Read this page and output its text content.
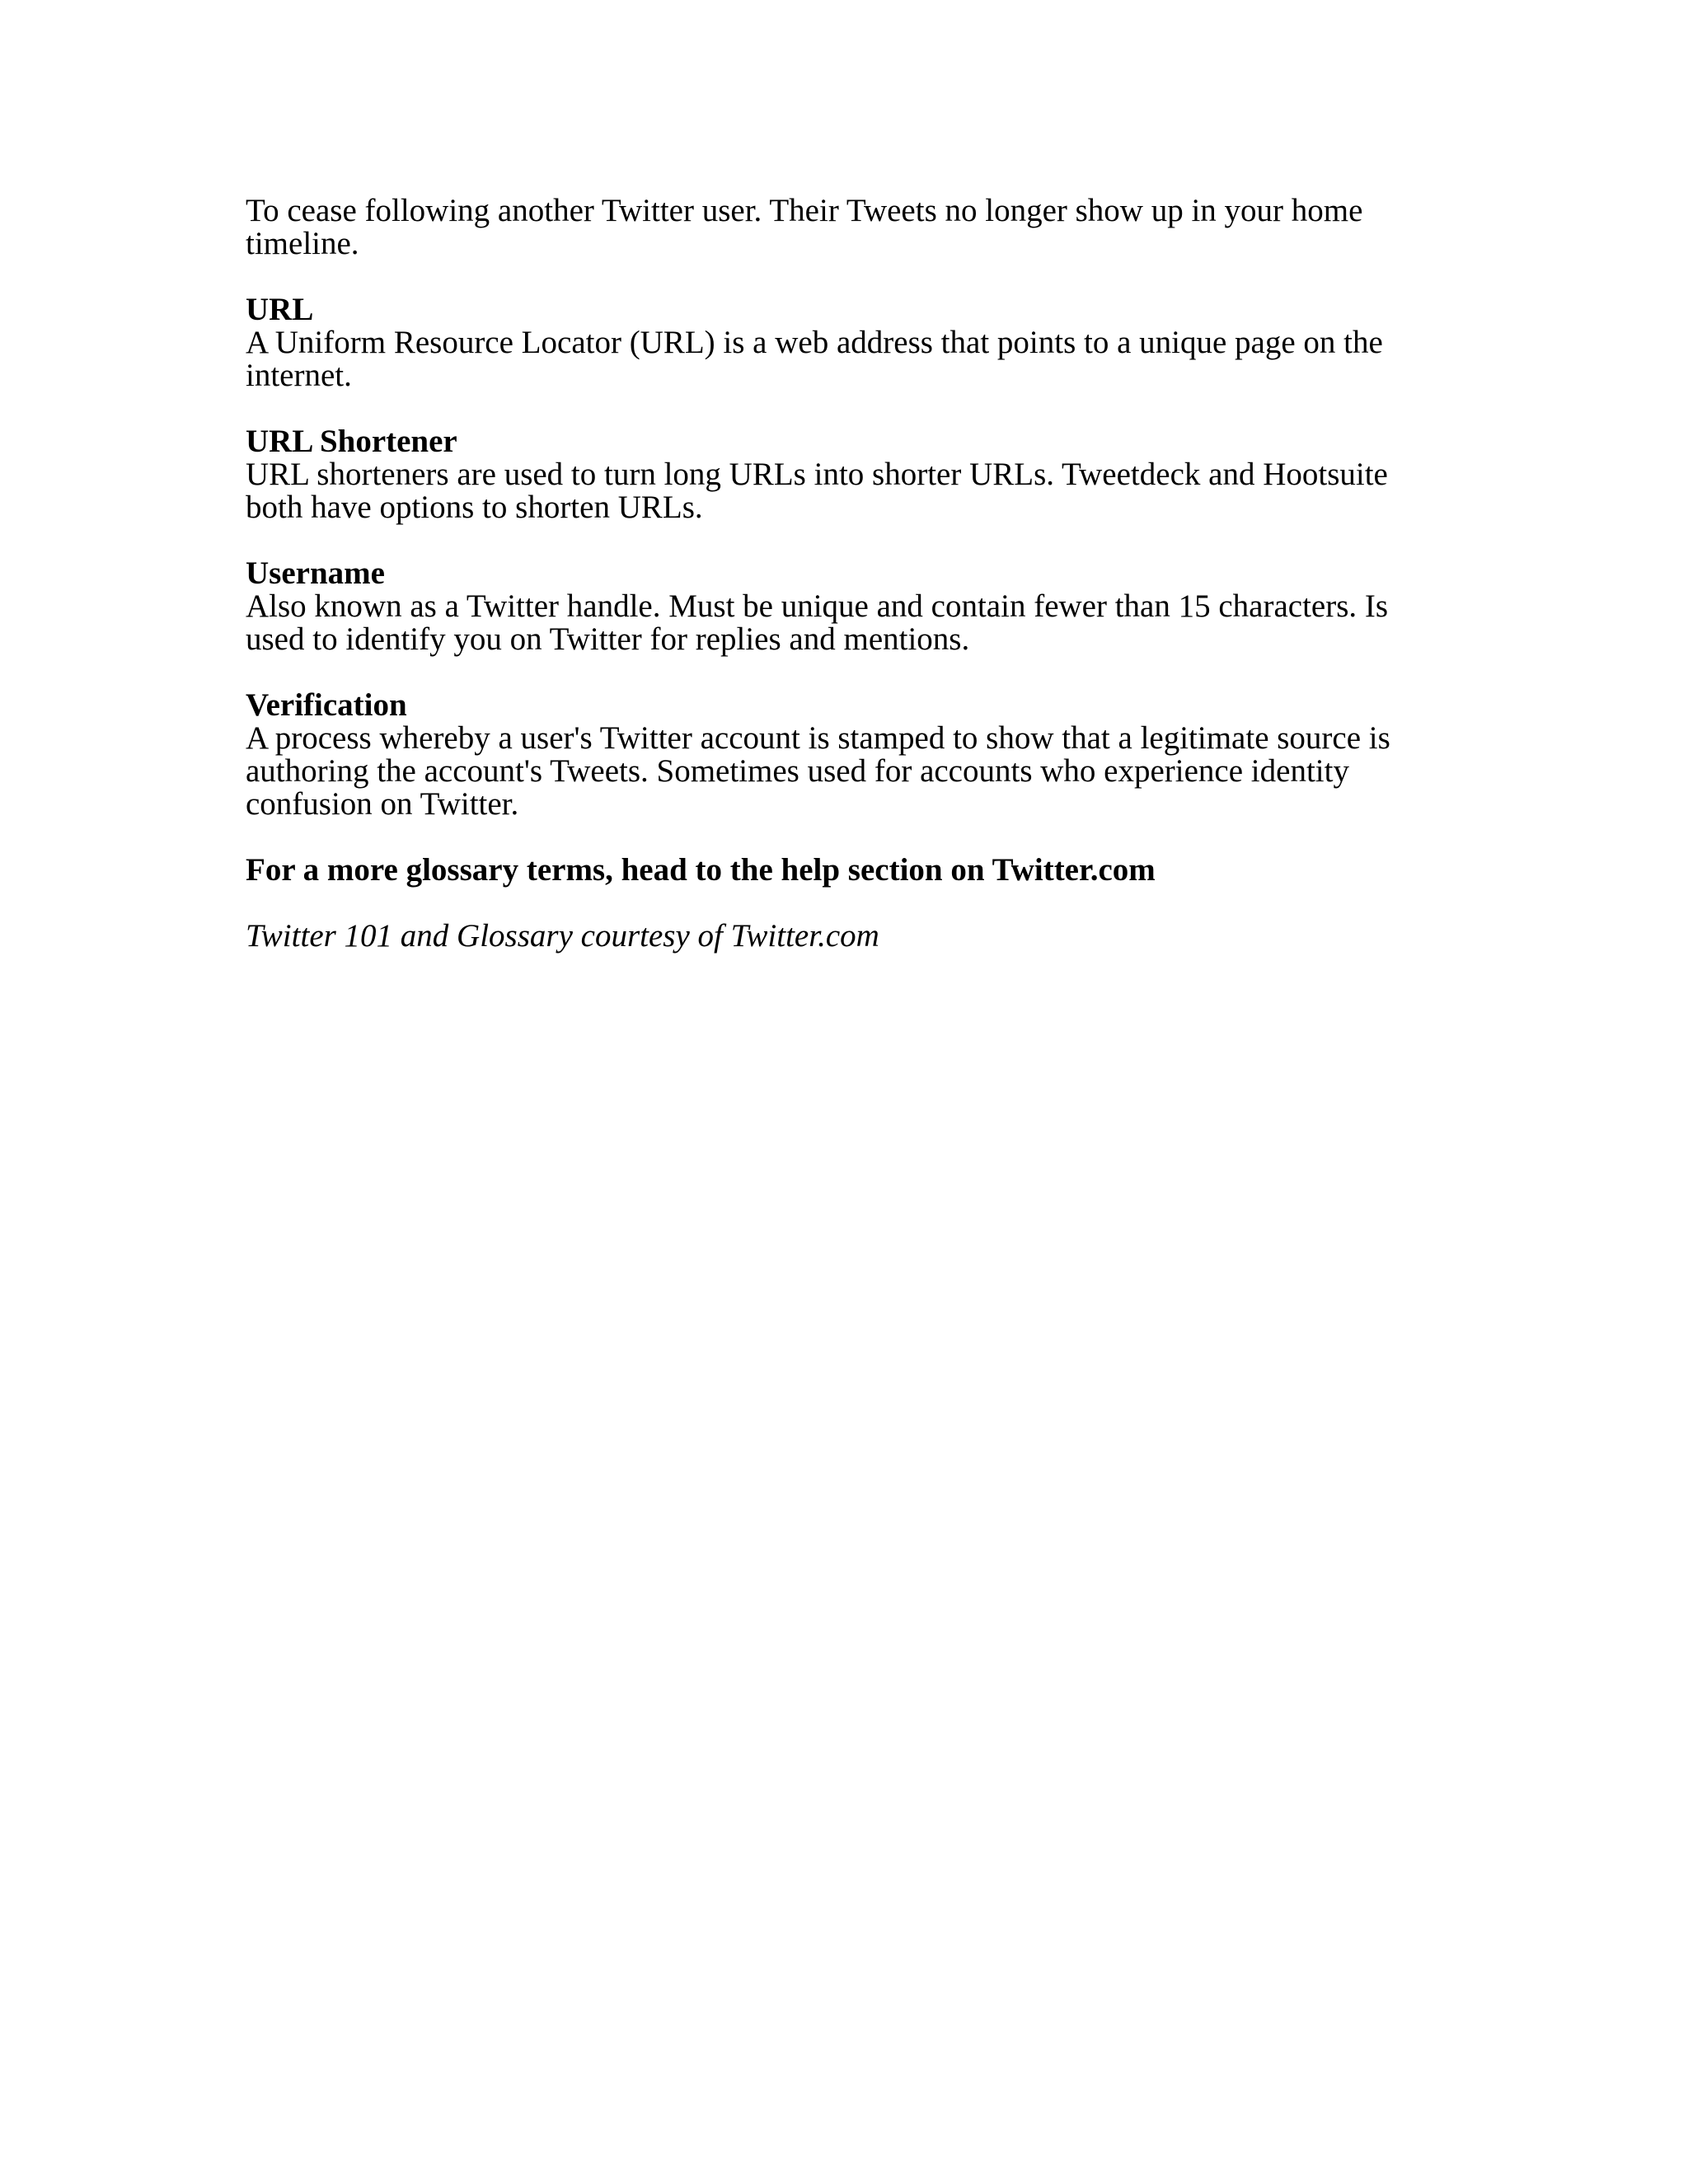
To cease following another Twitter user. Their Tweets no longer show up in your home timeline.

URL
A Uniform Resource Locator (URL) is a web address that points to a unique page on the internet.
URL Shortener
URL shorteners are used to turn long URLs into shorter URLs. Tweetdeck and Hootsuite both have options to shorten URLs.
Username
Also known as a Twitter handle. Must be unique and contain fewer than 15 characters. Is used to identify you on Twitter for replies and mentions.
Verification
A process whereby a user's Twitter account is stamped to show that a legitimate source is authoring the account's Tweets. Sometimes used for accounts who experience identity confusion on Twitter.
For a more glossary terms, head to the help section on Twitter.com
Twitter 101 and Glossary courtesy of Twitter.com
